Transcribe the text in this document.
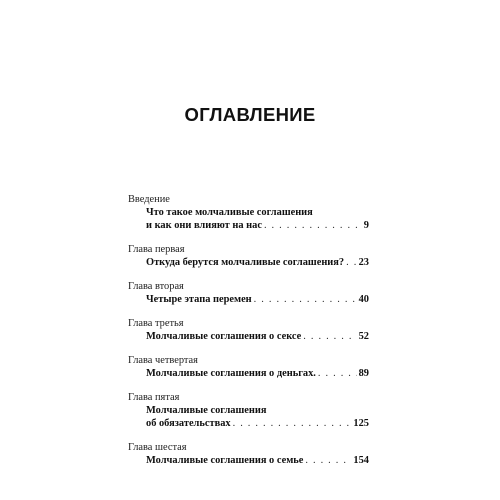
ОГЛАВЛЕНИЕ
Введение
Что такое молчаливые соглашения
и как они влияют на нас . . .	9
Глава первая
Откуда берутся молчаливые соглашения? . . . 23
Глава вторая
Четыре этапа перемен . . .	40
Глава третья
Молчаливые соглашения о сексе . . .	52
Глава четвертая
Молчаливые соглашения о деньгах. . . .	89
Глава пятая
Молчаливые соглашения
об обязательствах . . .	125
Глава шестая
Молчаливые соглашения о семье . . .	154
